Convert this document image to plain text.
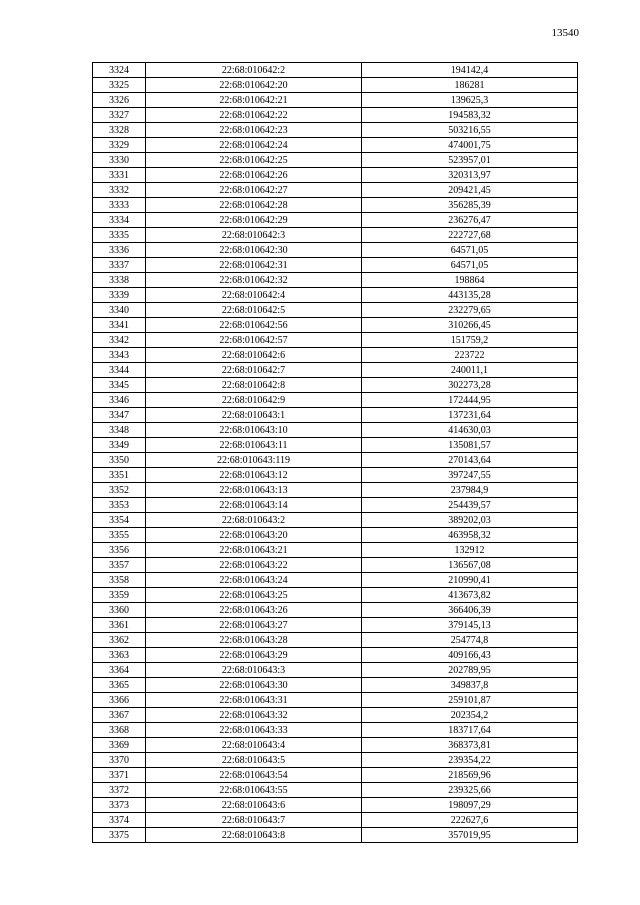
13540
3324	22:68:010642:2	194142,4
3325	22:68:010642:20	186281
3326	22:68:010642:21	139625,3
3327	22:68:010642:22	194583,32
3328	22:68:010642:23	503216,55
3329	22:68:010642:24	474001,75
3330	22:68:010642:25	523957,01
3331	22:68:010642:26	320313,97
3332	22:68:010642:27	209421,45
3333	22:68:010642:28	356285,39
3334	22:68:010642:29	236276,47
3335	22:68:010642:3	222727,68
3336	22:68:010642:30	64571,05
3337	22:68:010642:31	64571,05
3338	22:68:010642:32	198864
3339	22:68:010642:4	443135,28
3340	22:68:010642:5	232279,65
3341	22:68:010642:56	310266,45
3342	22:68:010642:57	151759,2
3343	22:68:010642:6	223722
3344	22:68:010642:7	240011,1
3345	22:68:010642:8	302273,28
3346	22:68:010642:9	172444,95
3347	22:68:010643:1	137231,64
3348	22:68:010643:10	414630,03
3349	22:68:010643:11	135081,57
3350	22:68:010643:119	270143,64
3351	22:68:010643:12	397247,55
3352	22:68:010643:13	237984,9
3353	22:68:010643:14	254439,57
3354	22:68:010643:2	389202,03
3355	22:68:010643:20	463958,32
3356	22:68:010643:21	132912
3357	22:68:010643:22	136567,08
3358	22:68:010643:24	210990,41
3359	22:68:010643:25	413673,82
3360	22:68:010643:26	366406,39
3361	22:68:010643:27	379145,13
3362	22:68:010643:28	254774,8
3363	22:68:010643:29	409166,43
3364	22:68:010643:3	202789,95
3365	22:68:010643:30	349837,8
3366	22:68:010643:31	259101,87
3367	22:68:010643:32	202354,2
3368	22:68:010643:33	183717,64
3369	22:68:010643:4	368373,81
3370	22:68:010643:5	239354,22
3371	22:68:010643:54	218569,96
3372	22:68:010643:55	239325,66
3373	22:68:010643:6	198097,29
3374	22:68:010643:7	222627,6
3375	22:68:010643:8	357019,95
